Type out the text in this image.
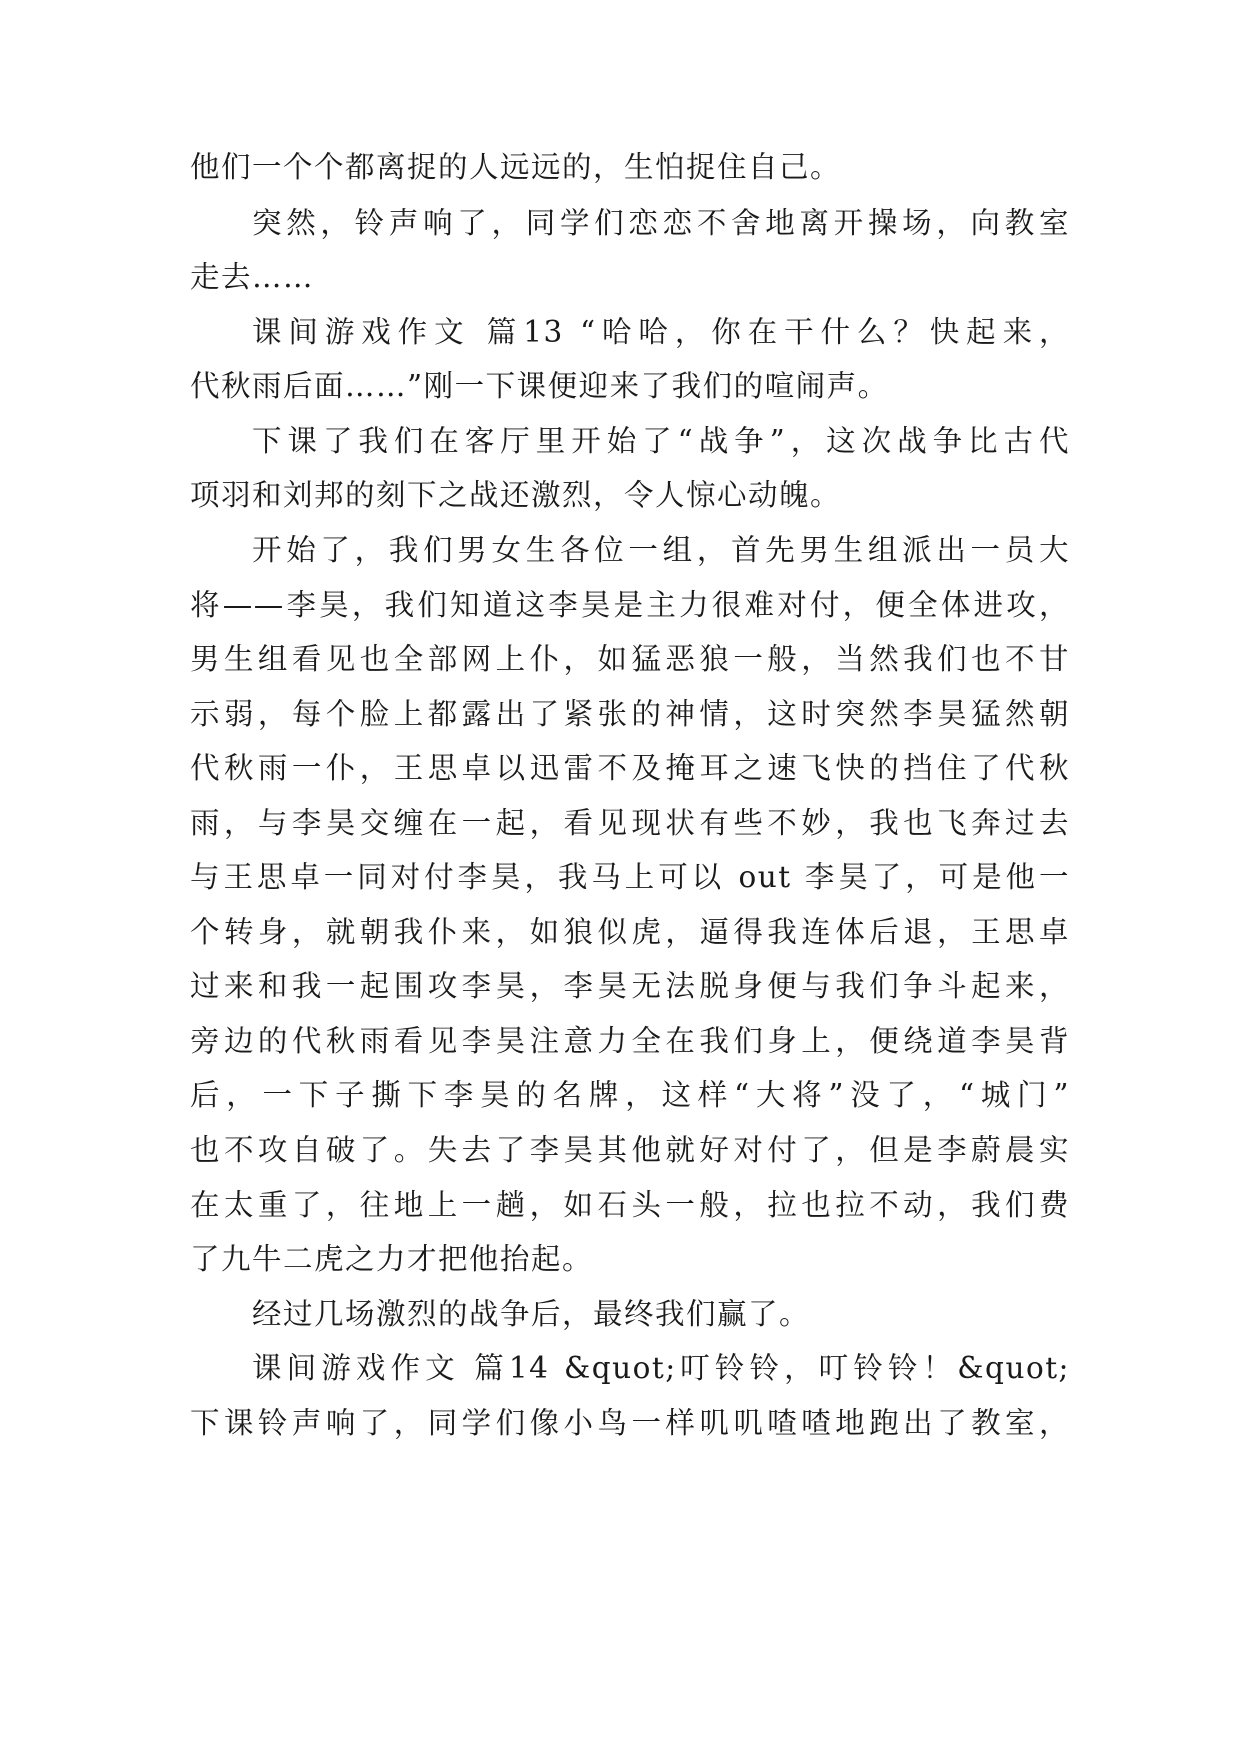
他们一个个都离捉的人远远的，生怕捉住自己。
突然，铃声响了，同学们恋恋不舍地离开操场，向教室
走去……
课间游戏作文 篇13 “哈哈，你在干什么？快起来，
代秋雨后面……”刚一下课便迎来了我们的喧闹声。
下课了我们在客厅里开始了“战争”，这次战争比古代
项羽和刘邦的刻下之战还激烈，令人惊心动魄。
开始了，我们男女生各位一组，首先男生组派出一员大
将——李昊，我们知道这李昊是主力很难对付，便全体进攻，
男生组看见也全部网上仆，如猛恶狼一般，当然我们也不甘
示弱，每个脸上都露出了紧张的神情，这时突然李昊猛然朝
代秋雨一仆，王思卓以迅雷不及掩耳之速飞快的挡住了代秋
雨，与李昊交缠在一起，看见现状有些不妙，我也飞奔过去
与王思卓一同对付李昊，我马上可以 out 李昊了，可是他一
个转身，就朝我仆来，如狼似虎，逼得我连体后退，王思卓
过来和我一起围攻李昊，李昊无法脱身便与我们争斗起来，
旁边的代秋雨看见李昊注意力全在我们身上，便绕道李昊背
后，一下子撕下李昊的名牌，这样“大将”没了，“城门”
也不攻自破了。失去了李昊其他就好对付了，但是李蔚晨实
在太重了，往地上一趟，如石头一般，拉也拉不动，我们费
了九牛二虎之力才把他抬起。
经过几场激烈的战争后，最终我们赢了。
课间游戏作文 篇14 &quot;叮铃铃，叮铃铃！&quot;
下课铃声响了，同学们像小鸟一样叽叽喳喳地跑出了教室，
